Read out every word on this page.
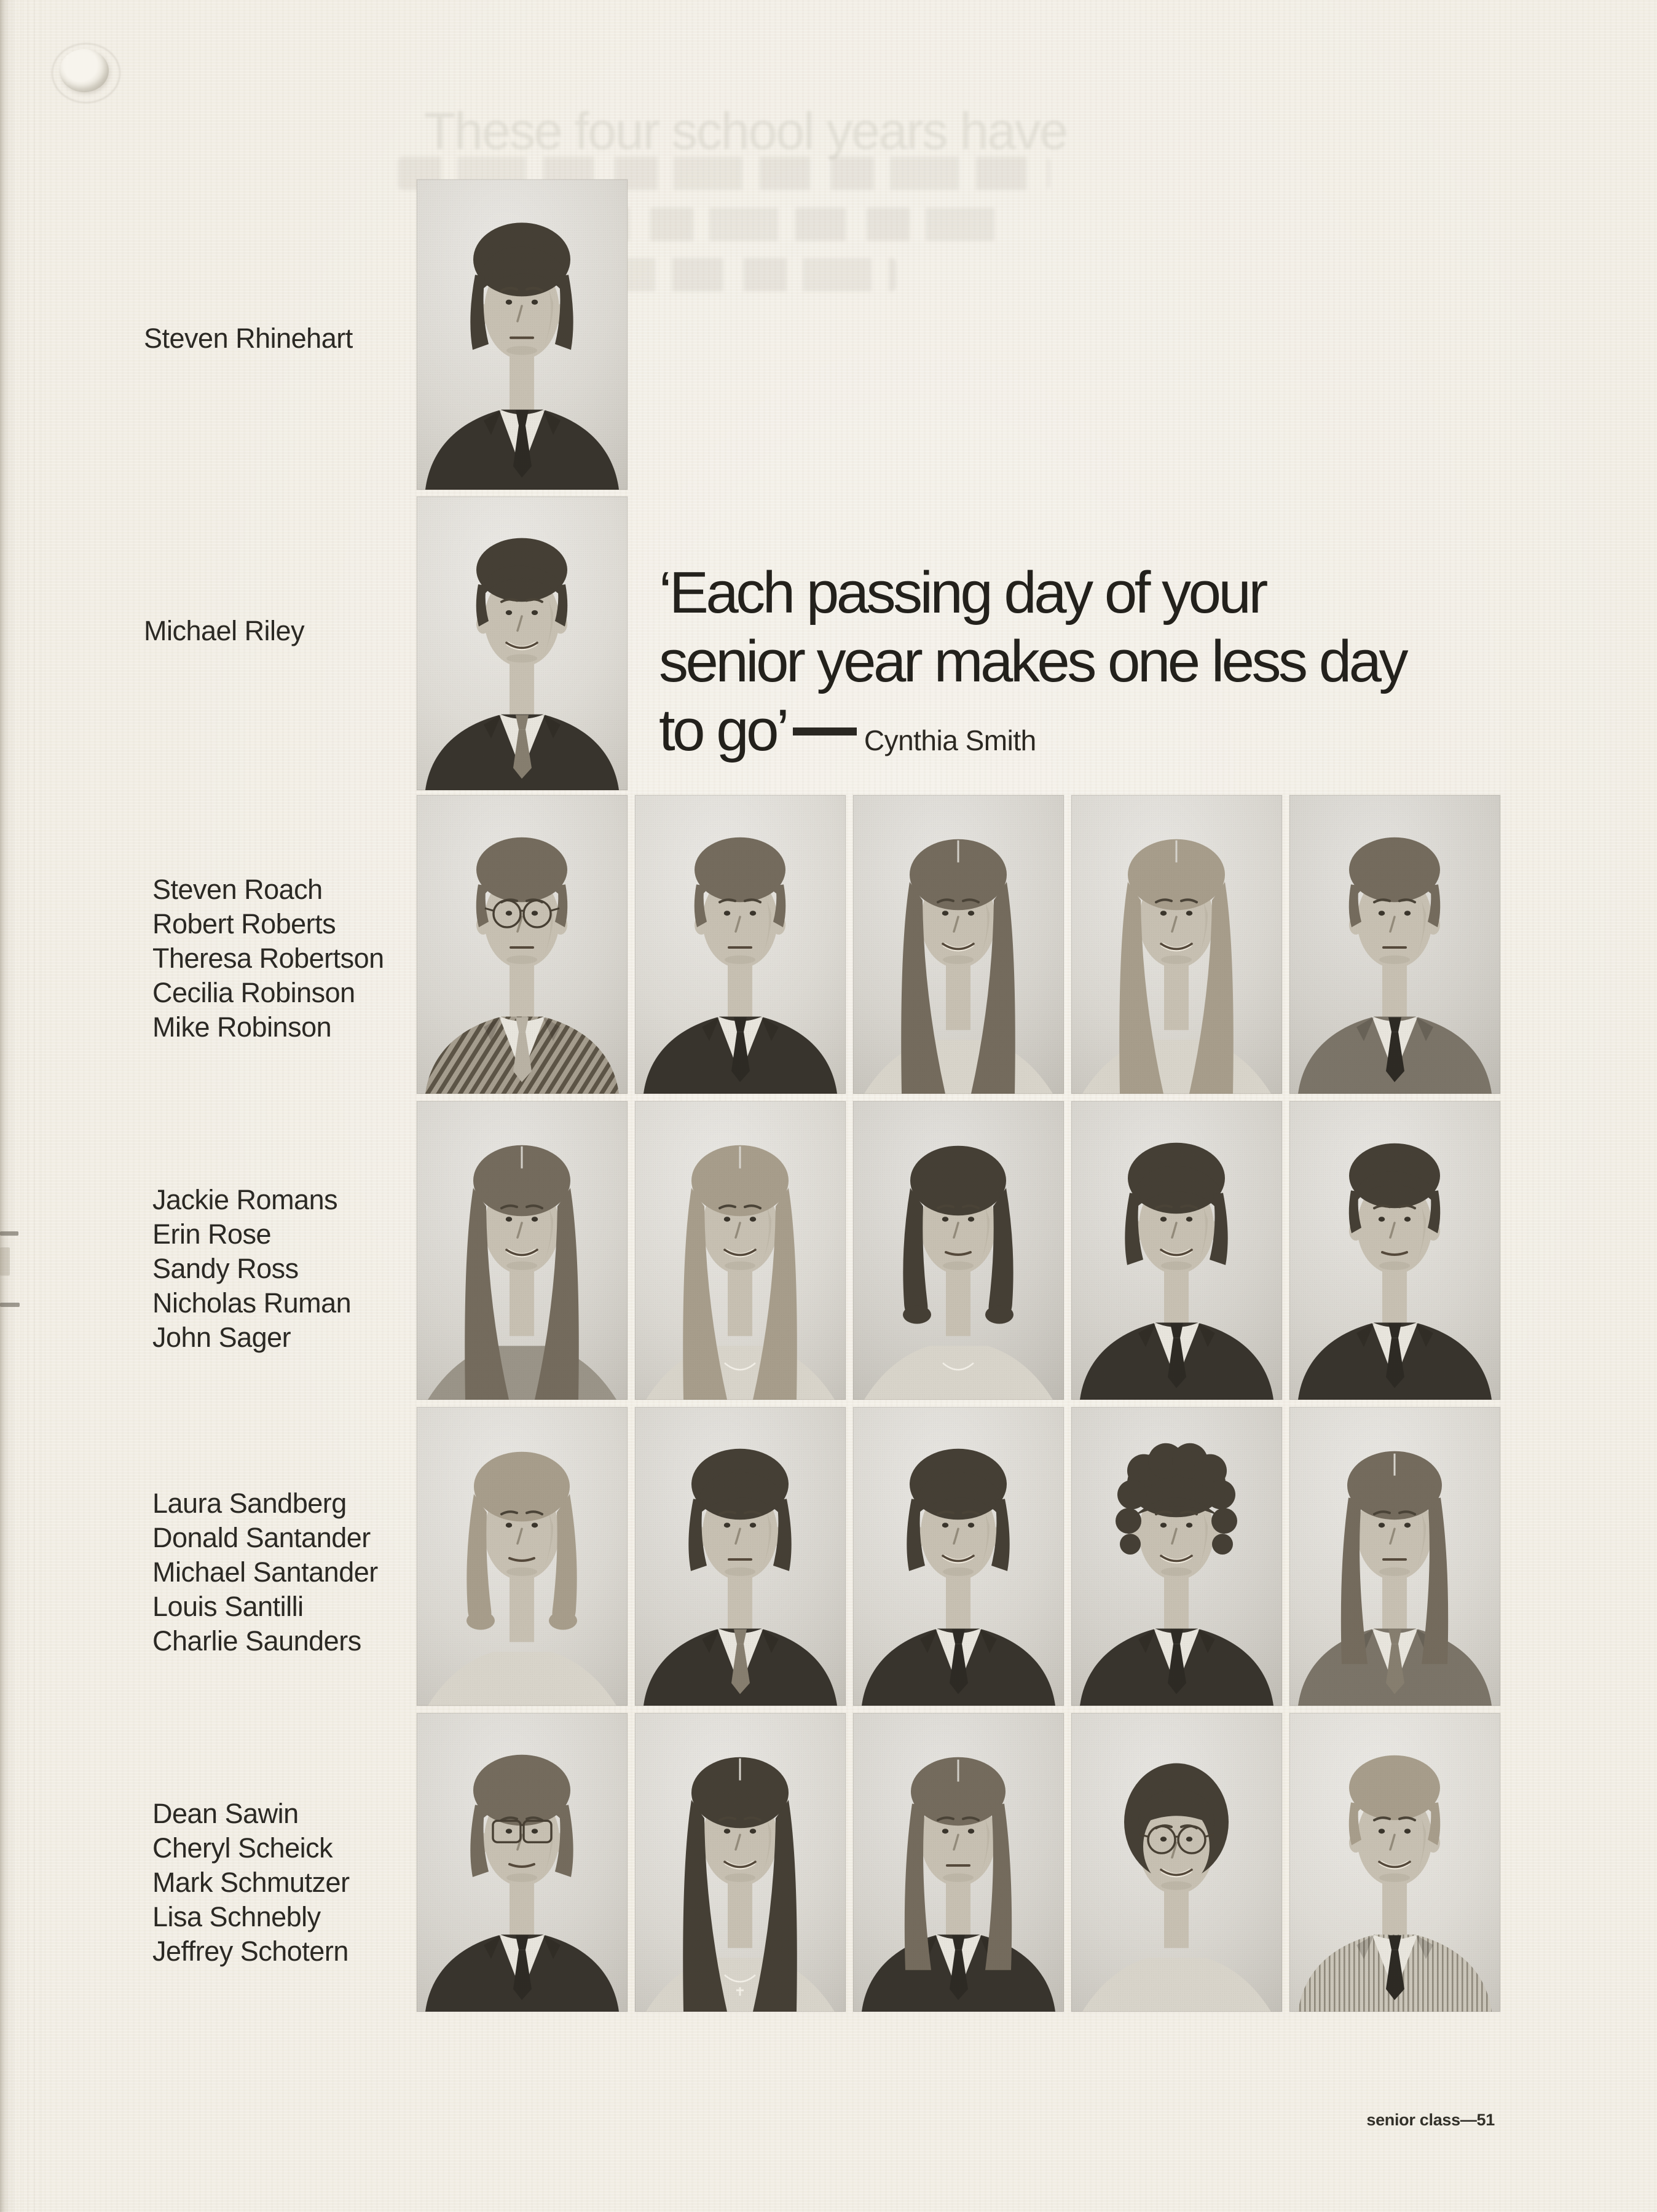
These four school years have
Steven Rhinehart
Michael Riley
‘Each passing day of your
senior year makes one less day
to go’	Cynthia Smith
senior class—51
Steven Roach
Robert Roberts
Theresa Robertson
Cecilia Robinson
Mike Robinson
Jackie Romans
Erin Rose
Sandy Ross
Nicholas Ruman
John Sager
Laura Sandberg
Donald Santander
Michael Santander
Louis Santilli
Charlie Saunders
Dean Sawin
Cheryl Scheick
Mark Schmutzer
Lisa Schnebly
Jeffrey Schotern
